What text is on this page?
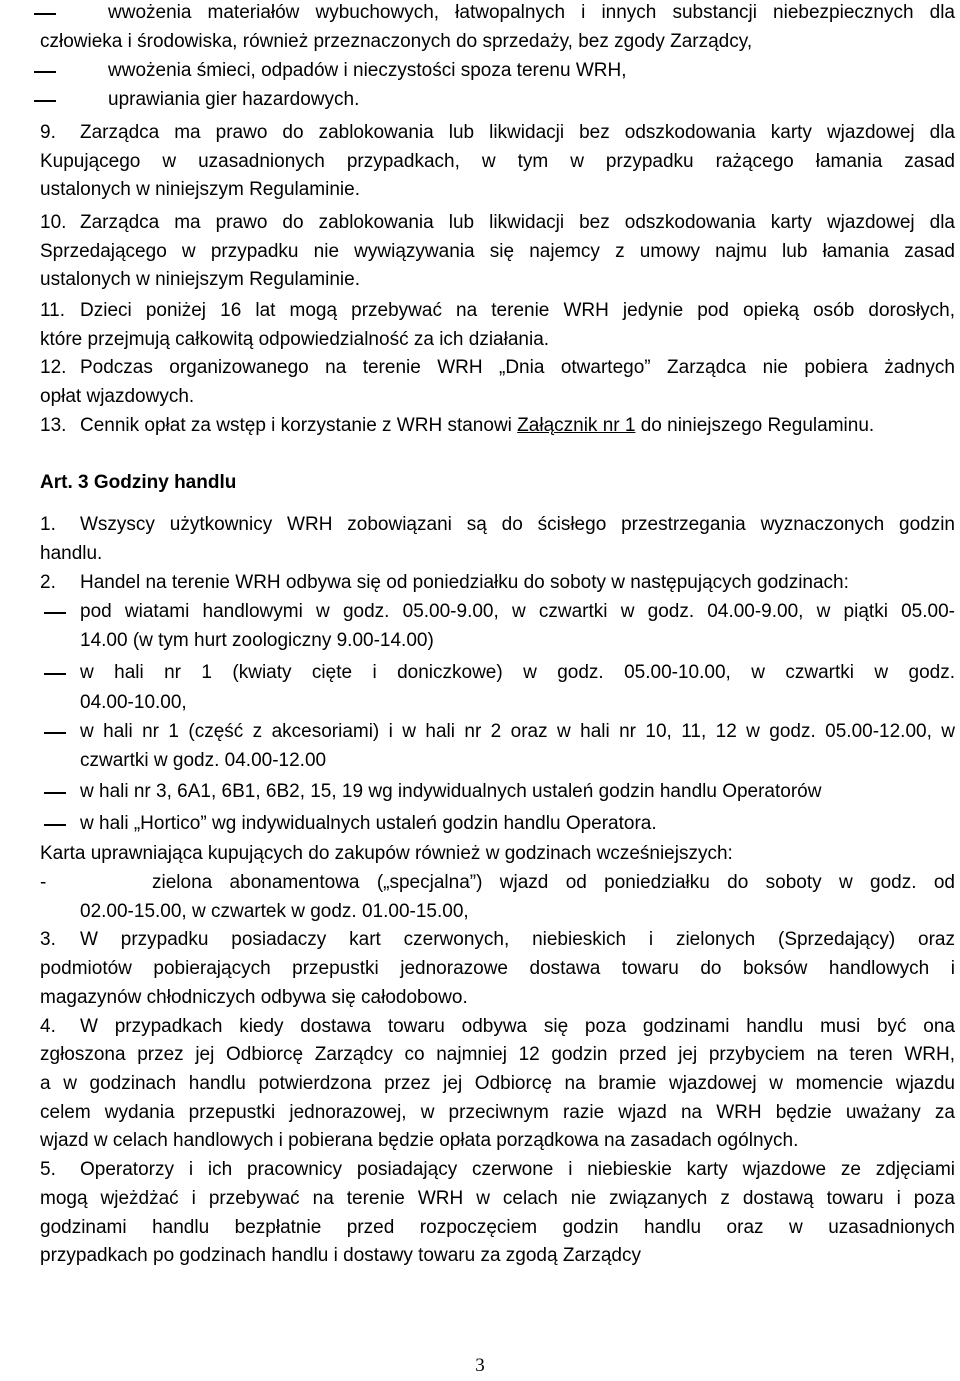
wwożenia materiałów wybuchowych, łatwopalnych i innych substancji niebezpiecznych dla
człowieka i środowiska, również przeznaczonych do sprzedaży, bez zgody Zarządcy,
wwożenia śmieci, odpadów i nieczystości spoza terenu WRH,
uprawiania gier hazardowych.
9.	Zarządca ma prawo do zablokowania lub likwidacji bez odszkodowania karty wjazdowej dla
Kupującego w uzasadnionych przypadkach, w tym w przypadku rażącego łamania zasad
ustalonych w niniejszym Regulaminie.
10. Zarządca ma prawo do zablokowania lub likwidacji bez odszkodowania karty wjazdowej dla
Sprzedającego w przypadku nie wywiązywania się najemcy z umowy najmu lub łamania zasad
ustalonych w niniejszym Regulaminie.
11. Dzieci poniżej 16 lat mogą przebywać na terenie WRH jedynie pod opieką osób dorosłych,
które przejmują całkowitą odpowiedzialność za ich działania.
12. Podczas organizowanego na terenie WRH „Dnia otwartego” Zarządca nie pobiera żadnych
opłat wjazdowych.
13. Cennik opłat za wstęp i korzystanie z WRH stanowi Załącznik nr 1 do niniejszego Regulaminu.
Art. 3 Godziny handlu
1.	Wszyscy użytkownicy WRH zobowiązani są do ścisłego przestrzegania wyznaczonych godzin
handlu.
2.	Handel na terenie WRH odbywa się od poniedziałku do soboty w następujących godzinach:
pod wiatami handlowymi w godz. 05.00-9.00, w czwartki w godz. 04.00-9.00, w piątki 05.00-
14.00 (w tym hurt zoologiczny 9.00-14.00)
w hali nr 1 (kwiaty cięte i doniczkowe) w godz. 05.00-10.00, w czwartki w godz.
04.00-10.00,
w hali nr 1 (część z akcesoriami) i w hali nr 2 oraz w hali nr 10, 11, 12 w godz. 05.00-12.00, w
czwartki w godz. 04.00-12.00
w hali nr 3, 6A1, 6B1, 6B2, 15, 19 wg indywidualnych ustaleń godzin handlu Operatorów
w hali „Hortico” wg indywidualnych ustaleń godzin handlu Operatora.
Karta uprawniająca kupujących do zakupów również w godzinach wcześniejszych:
-	zielona abonamentowa („specjalna”) wjazd od poniedziałku do soboty w godz. od
02.00-15.00, w czwartek w godz. 01.00-15.00,
3.	W przypadku posiadaczy kart czerwonych, niebieskich i zielonych (Sprzedający) oraz
podmiotów pobierających przepustki jednorazowe dostawa towaru do boksów handlowych i
magazynów chłodniczych odbywa się całodobowo.
4.	W przypadkach kiedy dostawa towaru odbywa się poza godzinami handlu musi być ona
zgłoszona przez jej Odbiorcę Zarządcy co najmniej 12 godzin przed jej przybyciem na teren WRH,
a w godzinach handlu potwierdzona przez jej Odbiorcę na bramie wjazdowej w momencie wjazdu
celem wydania przepustki jednorazowej, w przeciwnym razie wjazd na WRH będzie uważany za
wjazd w celach handlowych i pobierana będzie opłata porządkowa na zasadach ogólnych.
5.	Operatorzy i ich pracownicy posiadający czerwone i niebieskie karty wjazdowe ze zdjęciami
mogą wjeżdżać i przebywać na terenie WRH w celach nie związanych z dostawą towaru i poza
godzinami handlu bezpłatnie przed rozpoczęciem godzin handlu oraz w uzasadnionych
przypadkach po godzinach handlu i dostawy towaru za zgodą Zarządcy
3
